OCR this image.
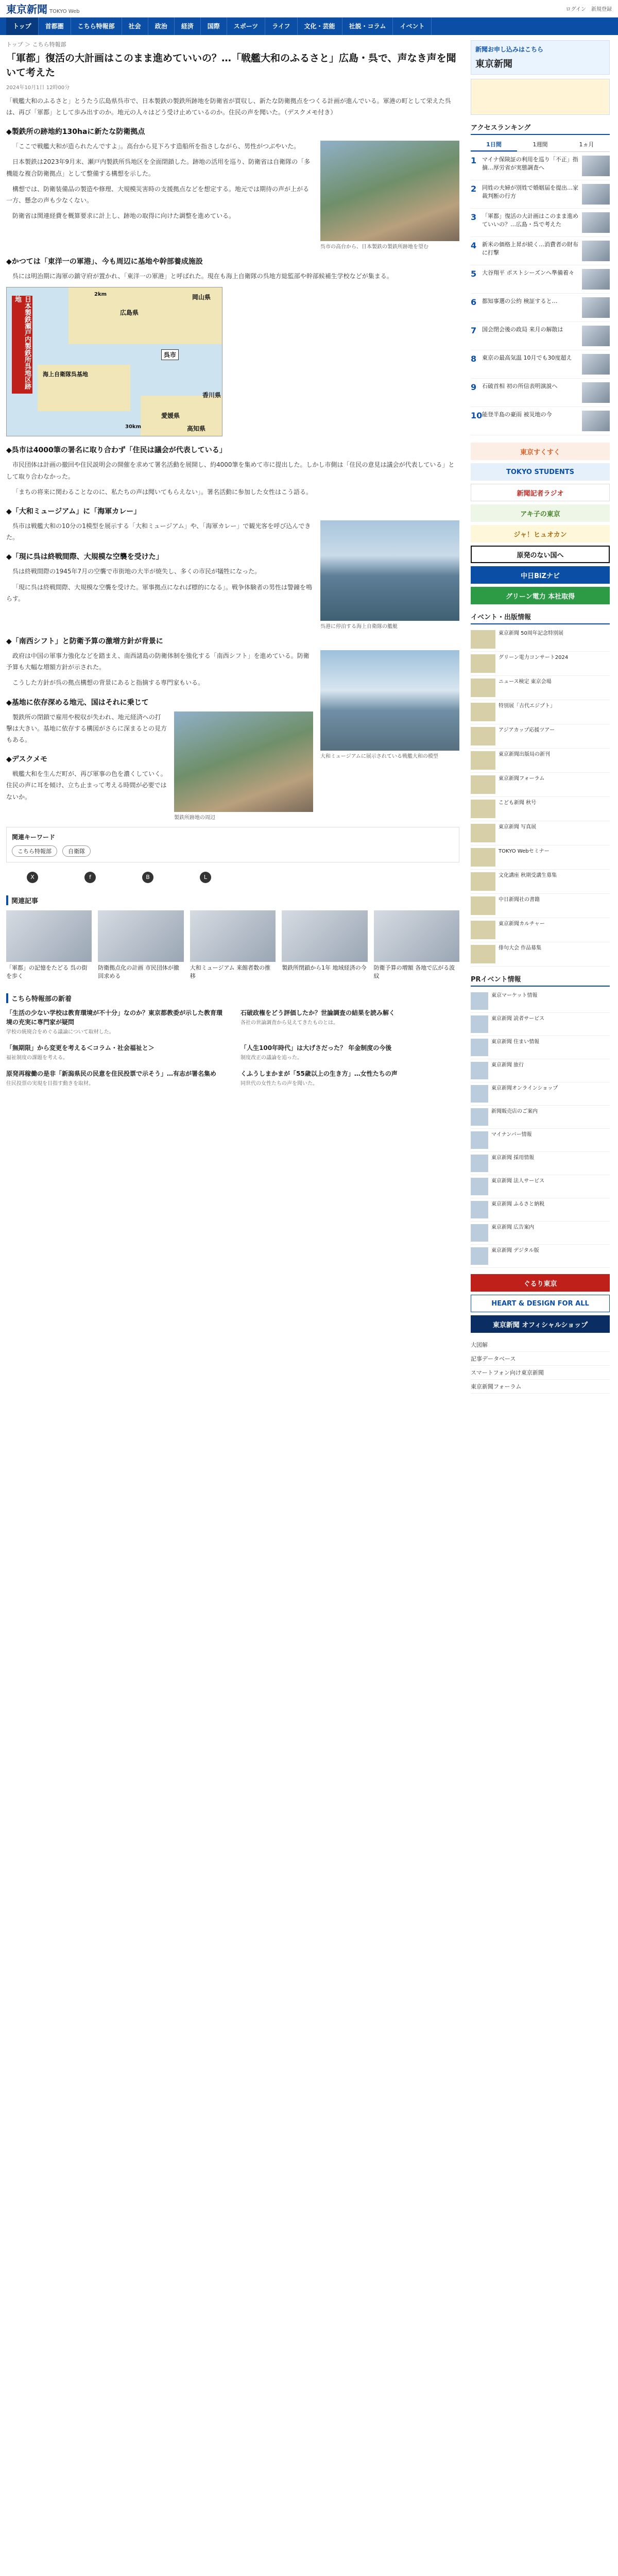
東京新聞 TOKYO Web	ログイン 新規登録
トップ	首都圏	こちら特報部	社会	政治	経済	国際	スポーツ	ライフ	文化・芸能	社説・コラム	イベント
トップ ＞ こちら特報部
「軍都」復活の大計画はこのまま進めていいの？…「戦艦大和のふるさと」広島・呉で、声なき声を聞いて考えた
2024年10月1日 12時00分

「戦艦大和のふるさと」とうたう広島県呉市で、日本製鉄の製鉄所跡地を防衛省が買収し、新たな防衛拠点をつくる計画が進んでいる。軍港の町として栄えた呉は、再び「軍都」として歩み出すのか。地元の人々はどう受け止めているのか。住民の声を聞いた。（デスクメモ付き）

◆製鉄所の跡地約130haに新たな防衛拠点
呉市の高台から、日本製鉄の製鉄所跡地を望む

「ここで戦艦大和が造られたんですよ」。高台から見下ろす造船所を指さしながら、男性がつぶやいた。

日本製鉄は2023年9月末、瀬戸内製鉄所呉地区を全面閉鎖した。跡地の活用を巡り、防衛省は自衛隊の「多機能な複合防衛拠点」として整備する構想を示した。

構想では、防衛装備品の製造や修理、大規模災害時の支援拠点などを想定する。地元では期待の声が上がる一方、懸念の声も少なくない。

防衛省は関連経費を概算要求に計上し、跡地の取得に向けた調整を進めている。

◆かつては「東洋一の軍港」、今も周辺に基地や幹部養成施設

呉には明治期に海軍の鎮守府が置かれ、「東洋一の軍港」と呼ばれた。現在も海上自衛隊の呉地方総監部や幹部候補生学校などが集まる。

日本製鉄瀬戸内製鉄所呉地区跡地
広島県
呉市
岡山県
愛媛県
香川県
高知県
海上自衛隊呉基地
2km
30km
◆呉市は4000筆の署名に取り合わず「住民は議会が代表している」

市民団体は計画の撤回や住民説明会の開催を求めて署名活動を展開し、約4000筆を集めて市に提出した。しかし市側は「住民の意見は議会が代表している」として取り合わなかった。

「まちの将来に関わることなのに、私たちの声は聞いてもらえない」。署名活動に参加した女性はこう語る。

◆「大和ミュージアム」に「海軍カレー」
呉港に停泊する海上自衛隊の艦艇

呉市は戦艦大和の10分の1模型を展示する「大和ミュージアム」や、「海軍カレー」で観光客を呼び込んできた。

◆「現に呉は終戦間際、大規模な空襲を受けた」

呉は終戦間際の1945年7月の空襲で市街地の大半が焼失し、多くの市民が犠牲になった。

「現に呉は終戦間際、大規模な空襲を受けた。軍事拠点になれば標的になる」。戦争体験者の男性は警鐘を鳴らす。

◆「南西シフト」と防衛予算の激増方針が背景に
大和ミュージアムに展示されている戦艦大和の模型

政府は中国の軍事力強化などを踏まえ、南西諸島の防衛体制を強化する「南西シフト」を進めている。防衛予算も大幅な増額方針が示された。

こうした方針が呉の拠点構想の背景にあると指摘する専門家もいる。

◆基地に依存深める地元、国はそれに乗じて
製鉄所跡地の周辺

製鉄所の閉鎖で雇用や税収が失われ、地元経済への打撃は大きい。基地に依存する構図がさらに深まるとの見方もある。

◆デスクメモ

戦艦大和を生んだ町が、再び軍事の色を濃くしていく。住民の声に耳を傾け、立ち止まって考える時間が必要ではないか。

関連キーワード
こちら特報部	自衛隊
X	f	B	L
関連記事
「軍都」の記憶をたどる 呉の街を歩く
防衛拠点化の計画 市民団体が撤回求める
大和ミュージアム 来館者数の推移
製鉄所閉鎖から1年 地域経済の今 防衛予算の増額 各地で広がる波紋
こちら特報部の新着
「生活の少ない学校は教育環境が不十分」なのか？東京都教委が示した教育環境の充実に専門家が疑問
学校の統廃合をめぐる議論について取材した。
石破政権をどう評価したか？世論調査の結果を読み解く
各社の世論調査から見えてきたものとは。
「無期限」から変更を考える＜コラム・社会福祉と＞
福祉制度の課題を考える。
「人生100年時代」は大げさだった？ 年金制度の今後
制度改正の議論を追った。
原発再稼働の是非「新潟県民の民意を住民投票で示そう」…有志が署名集め
住民投票の実現を目指す動きを取材。
くふうしまかまが「55歳以上の生き方」…女性たちの声
同世代の女性たちの声を聞いた。
新聞お申し込みはこちら
東京新聞
アクセスランキング
1日間	1週間	1ヵ月
1 マイナ保険証の利用を巡り「不正」指摘…厚労省が実態調査へ
2 同姓の夫婦が別姓で婚姻届を提出…家裁判断の行方
3 「軍都」復活の大計画はこのまま進めていいの？…広島・呉で考えた
4 新米の価格上昇が続く…消費者の財布に打撃
5 大谷翔平 ポストシーズンへ準備着々
6 都知事選の公約 検証すると…
7 国会閉会後の政局 来月の解散は
8 東京の最高気温 10月でも30度超え
9 石破首相 初の所信表明演説へ
10 能登半島の豪雨 被災地の今
東京すくすく
TOKYO STUDENTS
新聞記者ラジオ
アキ子の東京
ジャ！ヒュオカン
原発のない国へ
中日BiZナビ
グリーン電力 本社取得
イベント・出版情報
東京新聞 50周年記念特別展
グリーン電力コンサート2024
ニュース検定 東京会場
特別展「古代エジプト」
アジアカップ応援ツアー
東京新聞出版局の新刊
東京新聞フォーラム
こども新聞 秋号
東京新聞 写真展
TOKYO Webセミナー
文化講座 秋期受講生募集
中日新聞社の書籍
東京新聞カルチャー
俳句大会 作品募集
PRイベント情報
東京マーケット情報
東京新聞 読者サービス
東京新聞 住まい情報
東京新聞 旅行
東京新聞オンラインショップ
新聞販売店のご案内
マイナンバー情報
東京新聞 採用情報
東京新聞 法人サービス
東京新聞 ふるさと納税
東京新聞 広告案内
東京新聞 デジタル版
ぐるり東京
HEART & DESIGN FOR ALL
東京新聞 オフィシャルショップ
大図解
記事データベース
スマートフォン向け東京新聞
東京新聞フォーラム
